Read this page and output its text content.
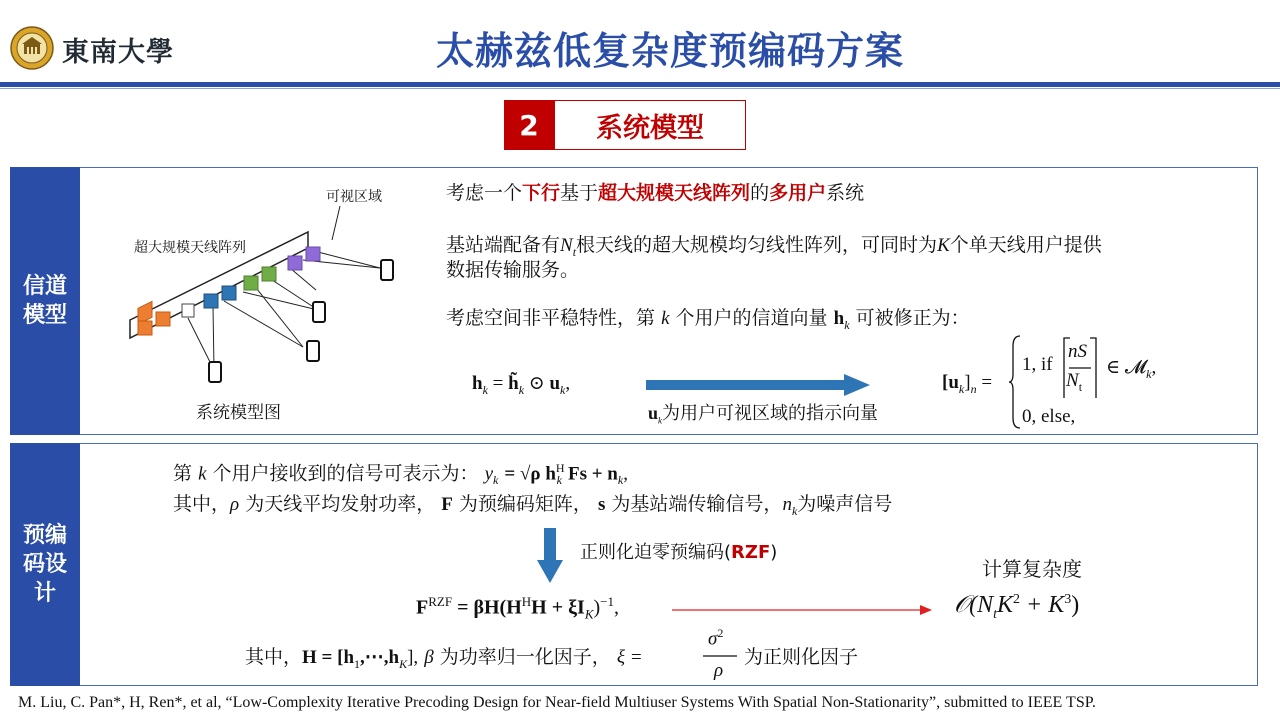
東南大學	太赫兹低复杂度预编码方案
2	系统模型
信道
模型
可视区域
超大规模天线阵列
系统模型图
考虑一个下行基于超大规模天线阵列的多用户系统
基站端配备有$N_t$根天线的超大规模均匀线性阵列，可同时为K个单天线用户提供
数据传输服务。
考虑空间非平稳特性，第 k 个用户的信道向量 $h_k$ 可被修正为：
$h_k$ = $h̃_k$ ⊙ $u_k$,
$u_k$为用户可视区域的指示向量
$[u_k]_n$ =
1, if
nS
$N_t$
∈ 𝓜$_k$,
0, else,
预编
码设
计
第 k 个用户接收到的信号可表示为： $y_k = √\rho$ $h^H_k$ $Fs + n_k$,
其中，ρ 为天线平均发射功率， F 为预编码矩阵， s 为基站端传输信号，$n_k$为噪声信号
正则化迫零预编码(RZF)
计算复杂度
$F^{RZF} = \beta H(H^HH + \xi I_K)^{-1}$,	$𝒪(N_tK^2 + K^3)$
其中，$H = [h_1,\cdots,h_K]$, β 为功率归一化因子， ξ =
$\sigma^2$
ρ
为正则化因子
M. Liu, C. Pan*, H, Ren*, et al, “Low-Complexity Iterative Precoding Design for Near-field Multiuser Systems With Spatial Non-Stationarity”, submitted to IEEE TSP.
